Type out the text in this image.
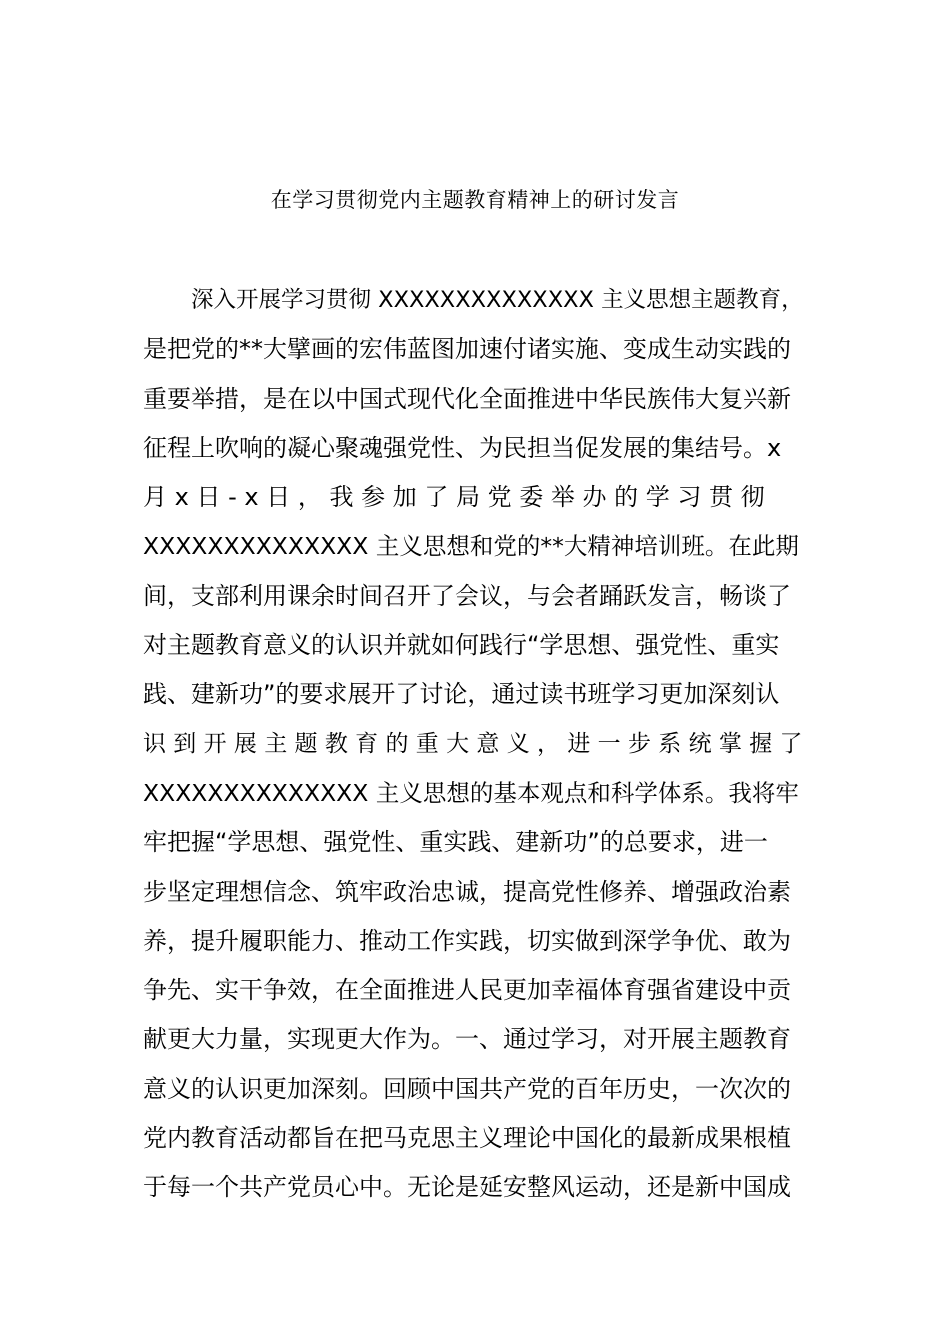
在学习贯彻党内主题教育精神上的研讨发言
深入开展学习贯彻 XXXXXXXXXXXXXX 主义思想主题教育，
是把党的**大擘画的宏伟蓝图加速付诸实施、变成生动实践的
重要举措，是在以中国式现代化全面推进中华民族伟大复兴新
征程上吹响的凝心聚魂强党性、为民担当促发展的集结号。x
月 x 日 - x 日 ， 我 参 加 了 局 党 委 举 办 的 学 习 贯 彻
XXXXXXXXXXXXXX 主义思想和党的**大精神培训班。在此期
间，支部利用课余时间召开了会议，与会者踊跃发言，畅谈了
对主题教育意义的认识并就如何践行“学思想、强党性、重实
践、建新功”的要求展开了讨论，通过读书班学习更加深刻认
识 到 开 展 主 题 教 育 的 重 大 意 义 ， 进 一 步 系 统 掌 握 了
XXXXXXXXXXXXXX 主义思想的基本观点和科学体系。我将牢
牢把握“学思想、强党性、重实践、建新功”的总要求，进一
步坚定理想信念、筑牢政治忠诚，提高党性修养、增强政治素
养，提升履职能力、推动工作实践，切实做到深学争优、敢为
争先、实干争效，在全面推进人民更加幸福体育强省建设中贡
献更大力量，实现更大作为。一、通过学习，对开展主题教育
意义的认识更加深刻。回顾中国共产党的百年历史，一次次的
党内教育活动都旨在把马克思主义理论中国化的最新成果根植
于每一个共产党员心中。无论是延安整风运动，还是新中国成
